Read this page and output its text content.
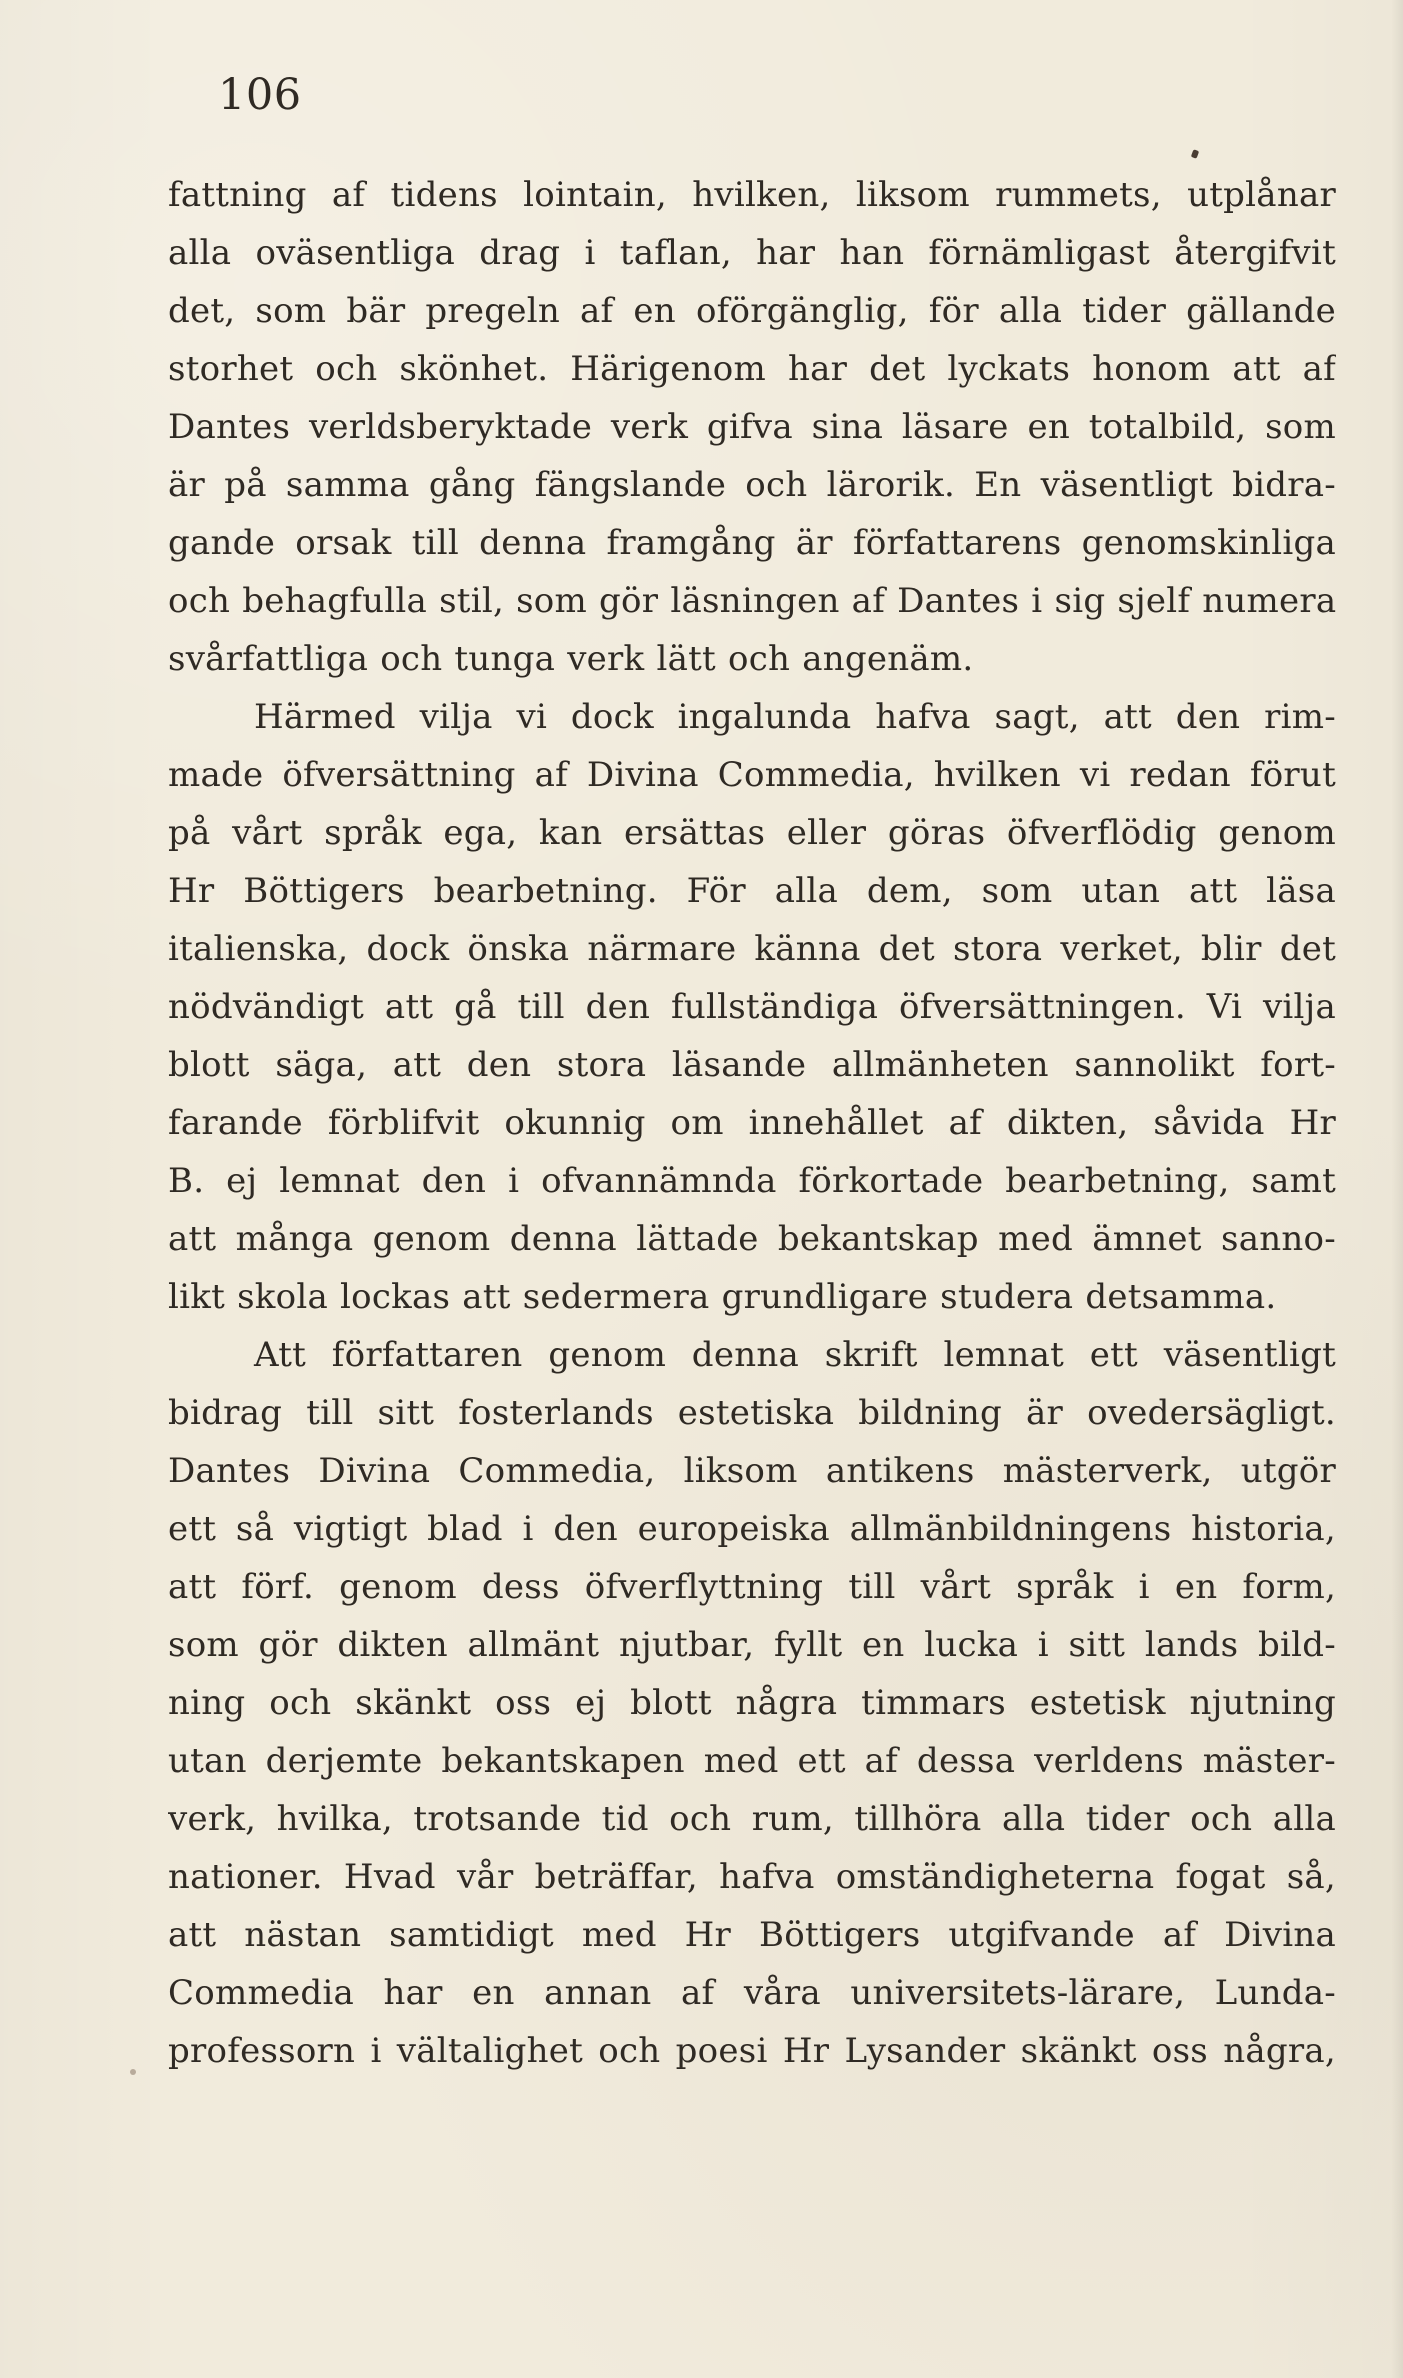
106
fattning af tidens lointain, hvilken, liksom rummets, utplånar
alla oväsentliga drag i taflan, har han förnämligast återgifvit
det, som bär pregeln af en oförgänglig, för alla tider gällande
storhet och skönhet. Härigenom har det lyckats honom att af
Dantes verldsberyktade verk gifva sina läsare en totalbild, som
är på samma gång fängslande och lärorik. En väsentligt bidra-
gande orsak till denna framgång är författarens genomskinliga
och behagfulla stil, som gör läsningen af Dantes i sig sjelf numera
svårfattliga och tunga verk lätt och angenäm.
Härmed vilja vi dock ingalunda hafva sagt, att den rim-
made öfversättning af Divina Commedia, hvilken vi redan förut
på vårt språk ega, kan ersättas eller göras öfverflödig genom
Hr Böttigers bearbetning. För alla dem, som utan att läsa
italienska, dock önska närmare känna det stora verket, blir det
nödvändigt att gå till den fullständiga öfversättningen. Vi vilja
blott säga, att den stora läsande allmänheten sannolikt fort-
farande förblifvit okunnig om innehållet af dikten, såvida Hr
B. ej lemnat den i ofvannämnda förkortade bearbetning, samt
att många genom denna lättade bekantskap med ämnet sanno-
likt skola lockas att sedermera grundligare studera detsamma.
Att författaren genom denna skrift lemnat ett väsentligt
bidrag till sitt fosterlands estetiska bildning är ovedersägligt.
Dantes Divina Commedia, liksom antikens mästerverk, utgör
ett så vigtigt blad i den europeiska allmänbildningens historia,
att förf. genom dess öfverflyttning till vårt språk i en form,
som gör dikten allmänt njutbar, fyllt en lucka i sitt lands bild-
ning och skänkt oss ej blott några timmars estetisk njutning
utan derjemte bekantskapen med ett af dessa verldens mäster-
verk, hvilka, trotsande tid och rum, tillhöra alla tider och alla
nationer. Hvad vår beträffar, hafva omständigheterna fogat så,
att nästan samtidigt med Hr Böttigers utgifvande af Divina
Commedia har en annan af våra universitets-lärare, Lunda-
professorn i vältalighet och poesi Hr Lysander skänkt oss några,
